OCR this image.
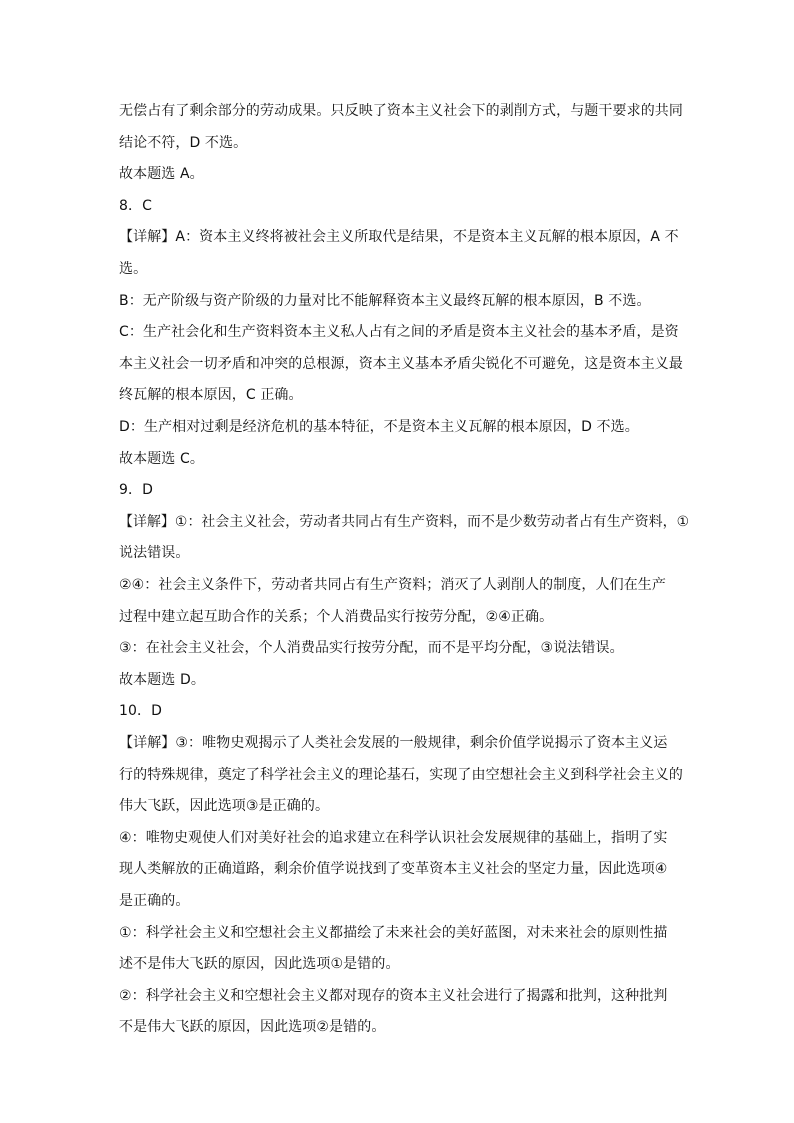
无偿占有了剩余部分的劳动成果。只反映了资本主义社会下的剥削方式，与题干要求的共同
结论不符，D 不选。
故本题选 A。
8．C
【详解】A：资本主义终将被社会主义所取代是结果，不是资本主义瓦解的根本原因，A 不
选。
B：无产阶级与资产阶级的力量对比不能解释资本主义最终瓦解的根本原因，B 不选。
C：生产社会化和生产资料资本主义私人占有之间的矛盾是资本主义社会的基本矛盾，是资
本主义社会一切矛盾和冲突的总根源，资本主义基本矛盾尖锐化不可避免，这是资本主义最
终瓦解的根本原因，C 正确。
D：生产相对过剩是经济危机的基本特征，不是资本主义瓦解的根本原因，D 不选。
故本题选 C。
9．D
【详解】①：社会主义社会，劳动者共同占有生产资料，而不是少数劳动者占有生产资料，①
说法错误。
②④：社会主义条件下，劳动者共同占有生产资料；消灭了人剥削人的制度，人们在生产
过程中建立起互助合作的关系；个人消费品实行按劳分配，②④正确。
③：在社会主义社会，个人消费品实行按劳分配，而不是平均分配，③说法错误。
故本题选 D。
10．D
【详解】③：唯物史观揭示了人类社会发展的一般规律，剩余价值学说揭示了资本主义运
行的特殊规律，奠定了科学社会主义的理论基石，实现了由空想社会主义到科学社会主义的
伟大飞跃，因此选项③是正确的。
④：唯物史观使人们对美好社会的追求建立在科学认识社会发展规律的基础上，指明了实
现人类解放的正确道路，剩余价值学说找到了变革资本主义社会的坚定力量，因此选项④
是正确的。
①：科学社会主义和空想社会主义都描绘了未来社会的美好蓝图，对未来社会的原则性描
述不是伟大飞跃的原因，因此选项①是错的。
②：科学社会主义和空想社会主义都对现存的资本主义社会进行了揭露和批判，这种批判
不是伟大飞跃的原因，因此选项②是错的。
